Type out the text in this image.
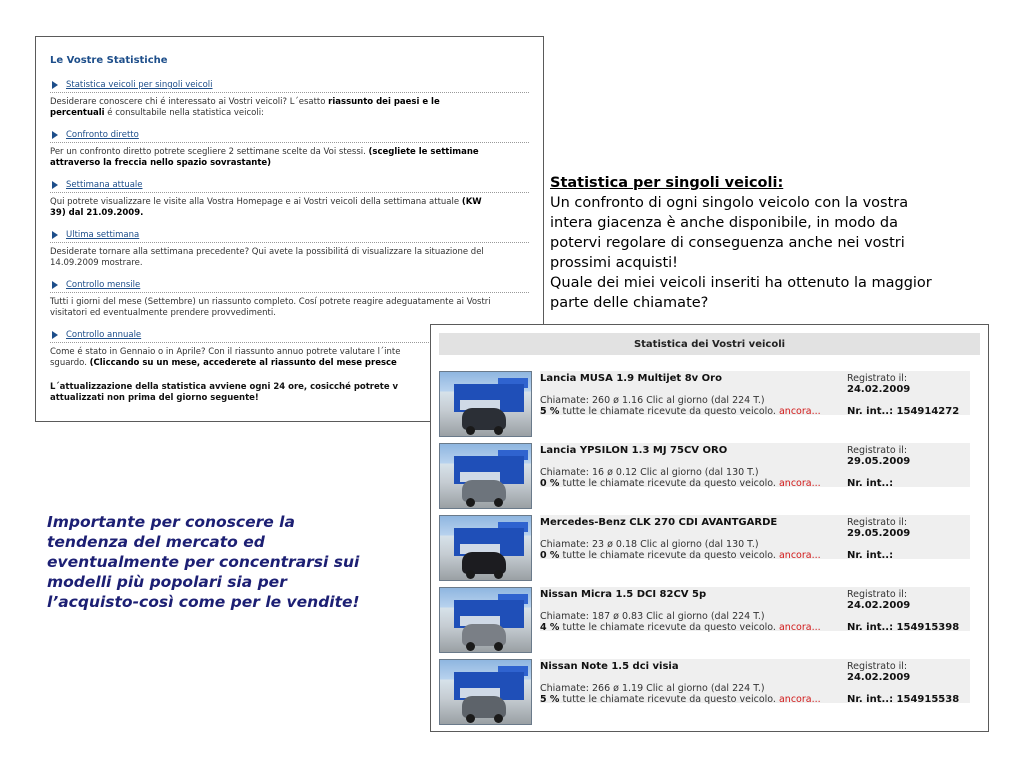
Le Vostre Statistiche
Statistica veicoli per singoli veicoli
Desiderare conoscere chi é interessato ai Vostri veicoli? L´esatto riassunto dei paesi e le
percentuali é consultabile nella statistica veicoli:
Confronto diretto
Per un confronto diretto potrete scegliere 2 settimane scelte da Voi stessi. (scegliete le settimane
attraverso la freccia nello spazio sovrastante)
Settimana attuale
Qui potrete visualizzare le visite alla Vostra Homepage e ai Vostri veicoli della settimana attuale (KW
39) dal 21.09.2009.
Ultima settimana
Desiderate tornare alla settimana precedente? Qui avete la possibilitá di visualizzare la situazione del
14.09.2009 mostrare.
Controllo mensile
Tutti i giorni del mese (Settembre) un riassunto completo. Cosí potrete reagire adeguatamente ai Vostri
visitatori ed eventualmente prendere provvedimenti.
Controllo annuale
Come é stato in Gennaio o in Aprile? Con il riassunto annuo potrete valutare l´inte
sguardo. (Cliccando su un mese, accederete al riassunto del mese presce
L´attualizzazione della statistica avviene ogni 24 ore, cosicché potrete v
attualizzati non prima del giorno seguente!
Statistica per singoli veicoli:
Un confronto di ogni singolo veicolo con la vostra
intera giacenza è anche disponibile, in modo da
potervi regolare di conseguenza anche nei vostri
prossimi acquisti!
Quale dei miei veicoli inseriti ha ottenuto la maggior
parte delle chiamate?
Importante per conoscere la
tendenza del mercato ed
eventualmente per concentrarsi sui
modelli più popolari sia per
l’acquisto-così come per le vendite!
Statistica dei Vostri veicoli
Lancia MUSA 1.9 Multijet 8v Oro	Registrato il:
24.02.2009
Chiamate: 260 ø 1.16 Clic al giorno (dal 224 T.)
5 % tutte le chiamate ricevute da questo veicolo. ancora...	Nr. int..: 154914272
Lancia YPSILON 1.3 MJ 75CV ORO	Registrato il:
29.05.2009
Chiamate: 16 ø 0.12 Clic al giorno (dal 130 T.)
0 % tutte le chiamate ricevute da questo veicolo. ancora...	Nr. int..:
Mercedes-Benz CLK 270 CDI AVANTGARDE	Registrato il:
29.05.2009
Chiamate: 23 ø 0.18 Clic al giorno (dal 130 T.)
0 % tutte le chiamate ricevute da questo veicolo. ancora...	Nr. int..:
Nissan Micra 1.5 DCI 82CV 5p	Registrato il:
24.02.2009
Chiamate: 187 ø 0.83 Clic al giorno (dal 224 T.)
4 % tutte le chiamate ricevute da questo veicolo. ancora...	Nr. int..: 154915398
Nissan Note 1.5 dci visia	Registrato il:
24.02.2009
Chiamate: 266 ø 1.19 Clic al giorno (dal 224 T.)
5 % tutte le chiamate ricevute da questo veicolo. ancora...	Nr. int..: 154915538
